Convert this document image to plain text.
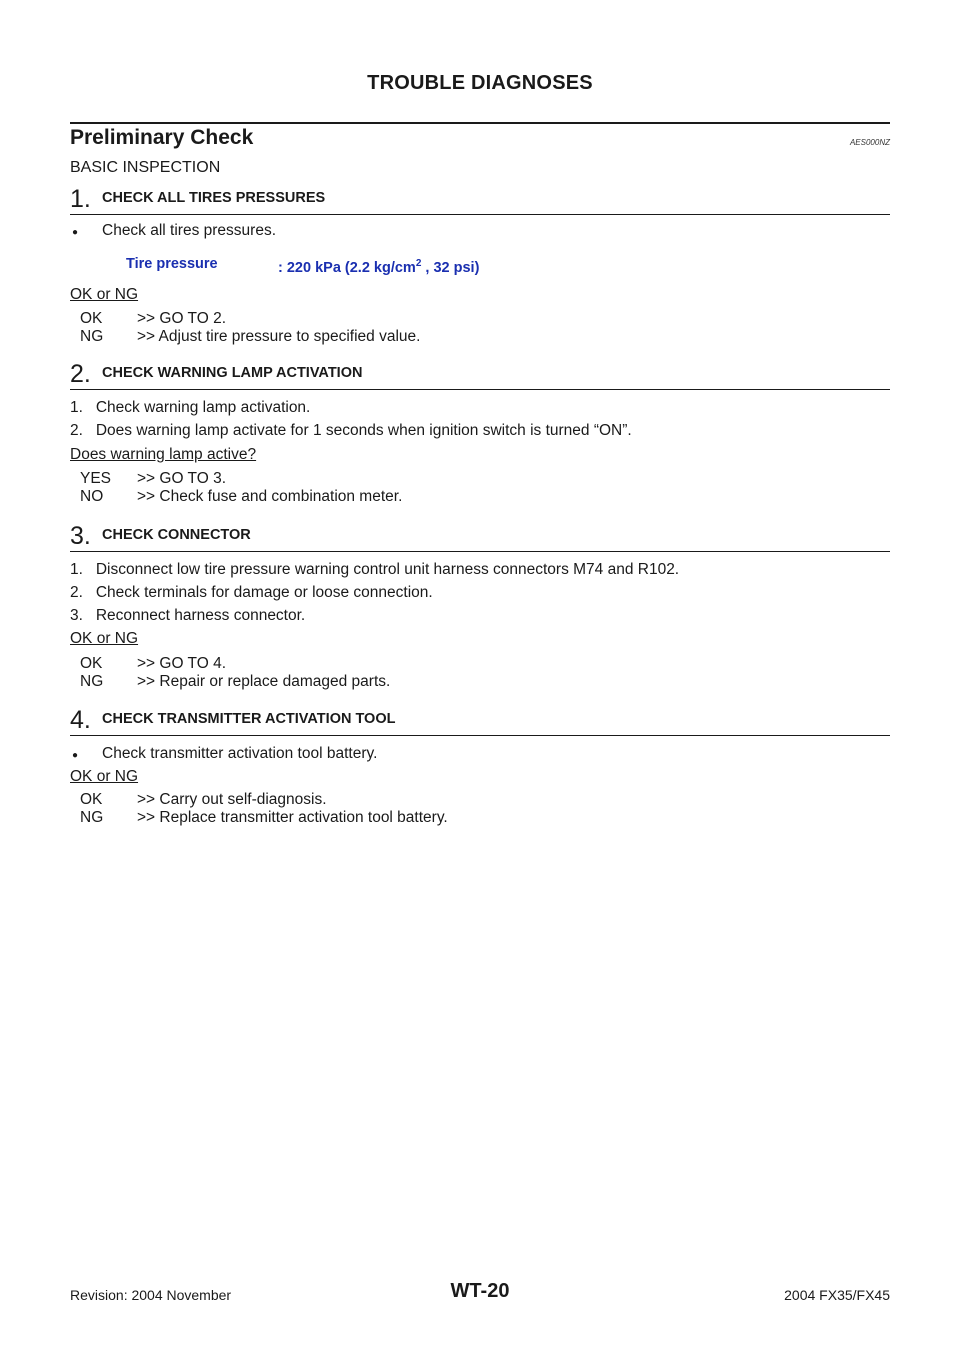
TROUBLE DIAGNOSES
Preliminary Check	AES000NZ
BASIC INSPECTION
1. CHECK ALL TIRES PRESSURES
● Check all tires pressures.
Tire pressure	: 220 kPa (2.2 $kg/cm^2$ , 32 psi)
OK or NG
OK >> GO TO 2.
NG >> Adjust tire pressure to specified value.
2. CHECK WARNING LAMP ACTIVATION
1.   Check warning lamp activation.
2.   Does warning lamp activate for 1 seconds when ignition switch is turned “ON”.
Does warning lamp active?
YES >> GO TO 3.
NO >> Check fuse and combination meter.
3. CHECK CONNECTOR
1.   Disconnect low tire pressure warning control unit harness connectors M74 and R102.
2.   Check terminals for damage or loose connection.
3.   Reconnect harness connector.
OK or NG
OK >> GO TO 4.
NG >> Repair or replace damaged parts.
4. CHECK TRANSMITTER ACTIVATION TOOL
● Check transmitter activation tool battery.
OK or NG
OK >> Carry out self-diagnosis.
NG >> Replace transmitter activation tool battery.
Revision: 2004 November	WT-20	2004 FX35/FX45
